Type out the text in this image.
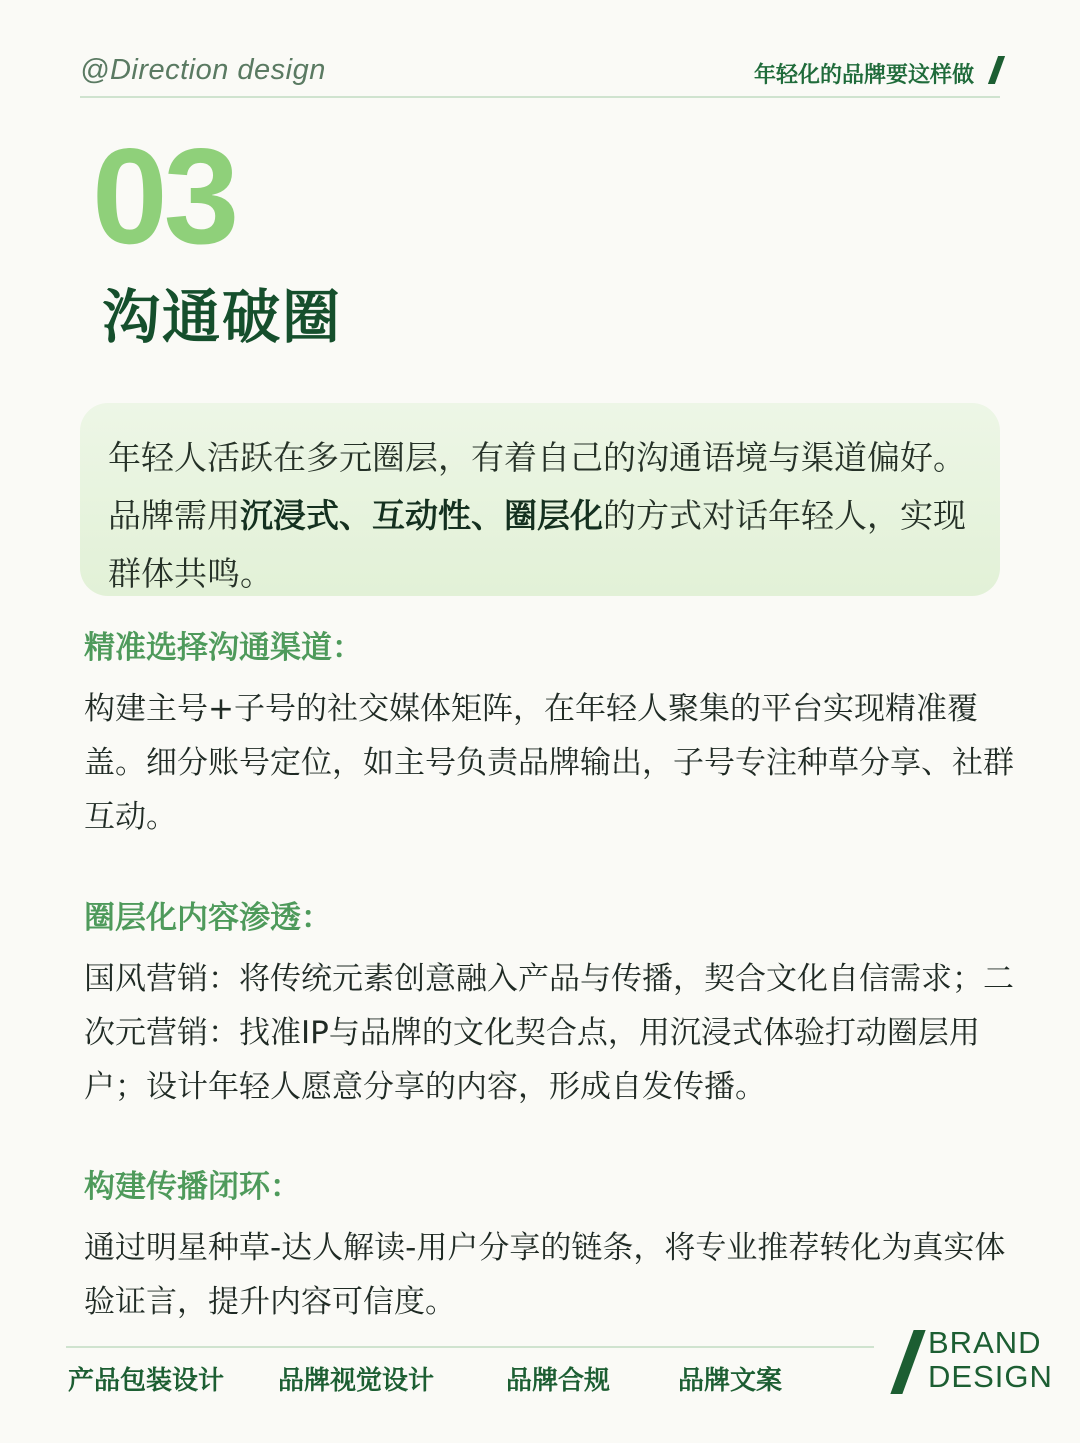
@Direction design	年轻化的品牌要这样做
03
沟通破圈

年轻人活跃在多元圈层，有着自己的沟通语境与渠道偏好。品牌需用沉浸式、互动性、圈层化的方式对话年轻人，实现群体共鸣。

精准选择沟通渠道：

构建主号+子号的社交媒体矩阵，在年轻人聚集的平台实现精准覆盖。细分账号定位，如主号负责品牌输出，子号专注种草分享、社群互动。

圈层化内容渗透：

国风营销：将传统元素创意融入产品与传播，契合文化自信需求；二次元营销：找准IP与品牌的文化契合点，用沉浸式体验打动圈层用户；设计年轻人愿意分享的内容，形成自发传播。

构建传播闭环：

通过明星种草-达人解读-用户分享的链条，将专业推荐转化为真实体验证言，提升内容可信度。

产品包装设计 品牌视觉设计	品牌合规	品牌文案
BRAND
DESIGN
